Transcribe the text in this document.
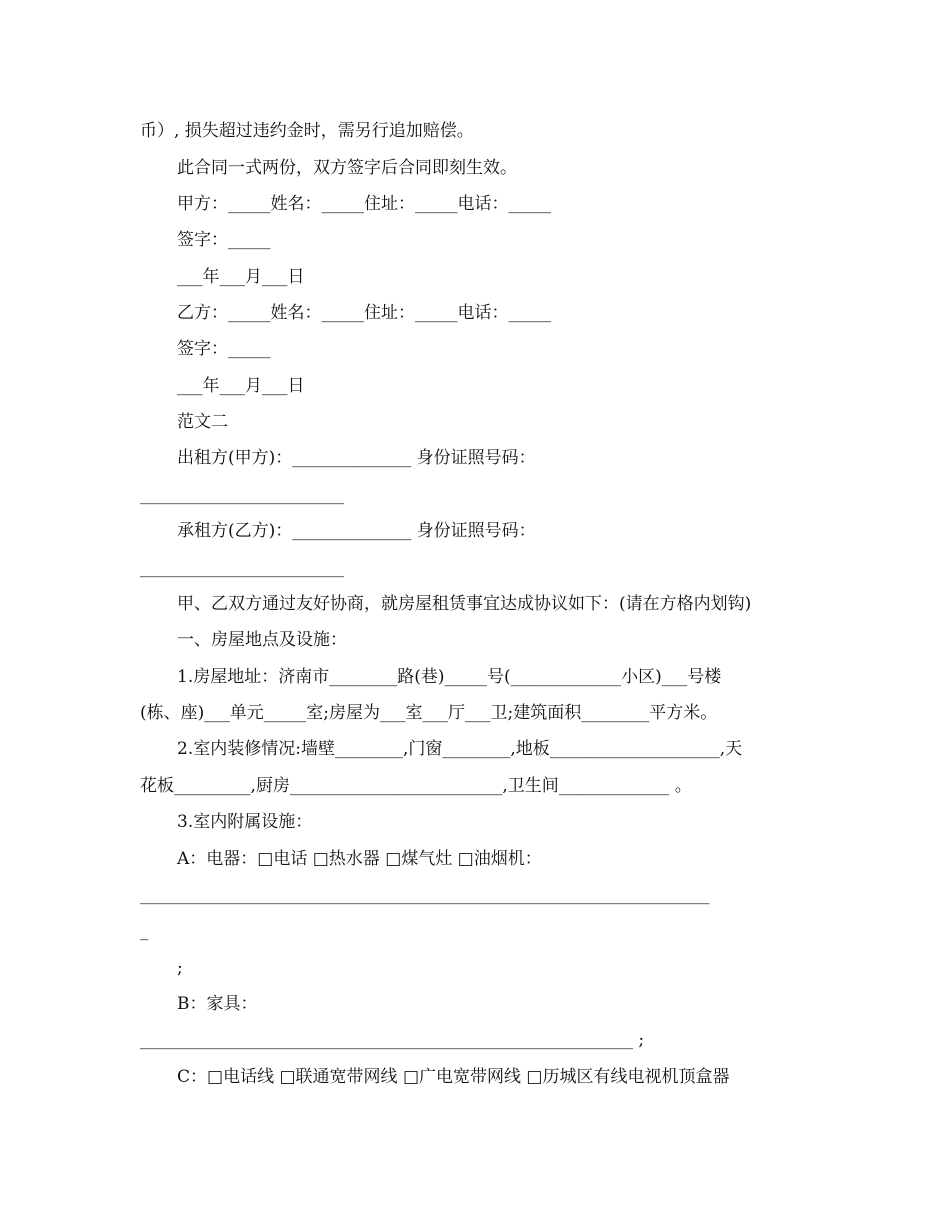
币）, 损失超过违约金时，需另行追加赔偿。
此合同一式两份，双方签字后合同即刻生效。
甲方：_____姓名：_____住址：_____电话：_____
签字：_____
___年___月___日
乙方：_____姓名：_____住址：_____电话：_____
签字：_____
___年___月___日
范文二
出租方(甲方)：______________ 身份证照号码：
________________________
承租方(乙方)：______________ 身份证照号码：
________________________
甲、乙双方通过友好协商，就房屋租赁事宜达成协议如下：(请在方格内划钩)
一、房屋地点及设施：
1.房屋地址：济南市________路(巷)_____号(_____________小区)___号楼
(栋、座)___单元_____室;房屋为___室___厅___卫;建筑面积________平方米。
2.室内装修情况:墙壁________,门窗________,地板____________________,天
花板_________,厨房_________________________,卫生间_____________ 。
3.室内附属设施：
A：电器：□电话 □热水器 □煤气灶 □油烟机：
___________________________________________________________________
_
;
B：家具：
__________________________________________________________ ;
C：□电话线 □联通宽带网线 □广电宽带网线 □历城区有线电视机顶盒器
